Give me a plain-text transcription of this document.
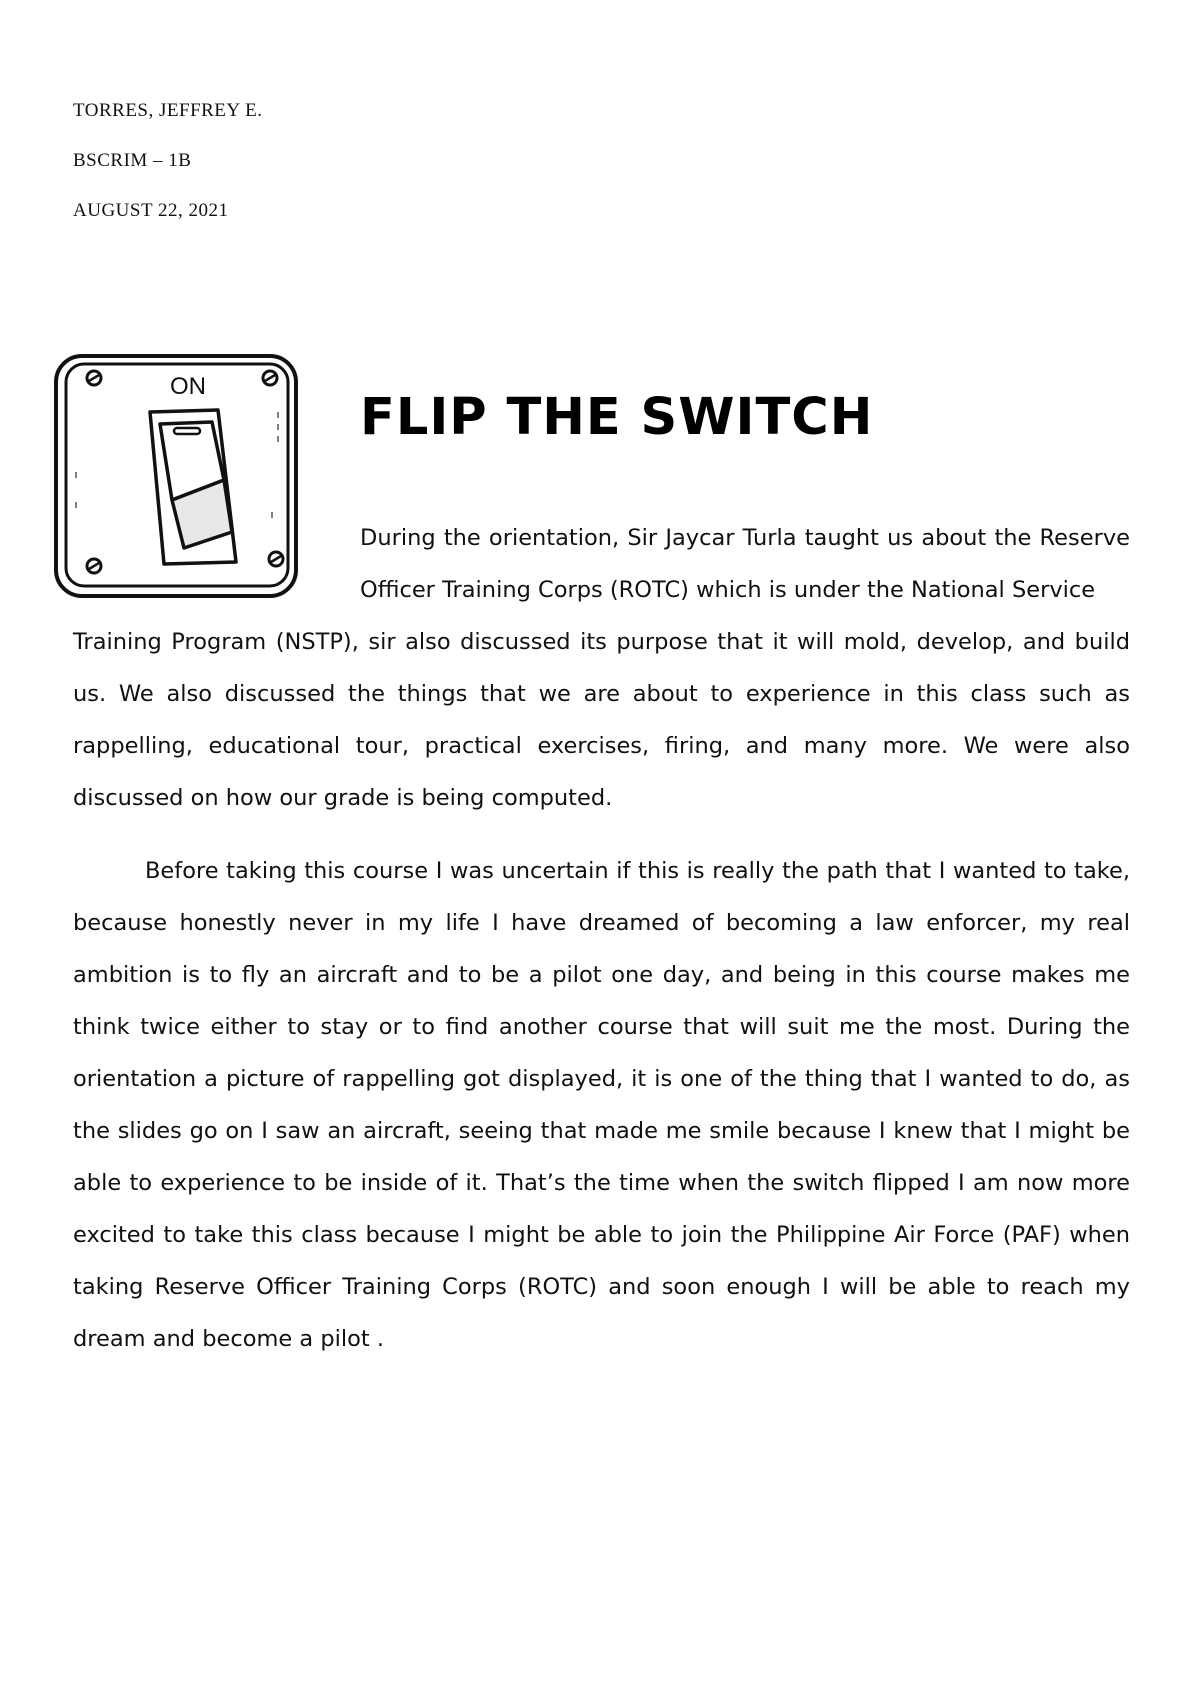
TORRES, JEFFREY E.
BSCRIM – 1B
AUGUST 22, 2021
ON
FLIP THE SWITCH

During the orientation, Sir Jaycar Turla taught us about the Reserve Officer Training Corps (ROTC) which is under the National Service

Training Program (NSTP), sir also discussed its purpose that it will mold, develop, and build us. We also discussed the things that we are about to experience in this class such as rappelling, educational tour, practical exercises, firing, and many more. We were also discussed on how our grade is being computed.

Before taking this course I was uncertain if this is really the path that I wanted to take, because honestly never in my life I have dreamed of becoming a law enforcer, my real ambition is to fly an aircraft and to be a pilot one day, and being in this course makes me think twice either to stay or to find another course that will suit me the most. During the orientation a picture of rappelling got displayed, it is one of the thing that I wanted to do, as the slides go on I saw an aircraft, seeing that made me smile because I knew that I might be able to experience to be inside of it. That’s the time when the switch flipped I am now more excited to take this class because I might be able to join the Philippine Air Force (PAF) when taking Reserve Officer Training Corps (ROTC) and soon enough I will be able to reach my dream and become a pilot .
